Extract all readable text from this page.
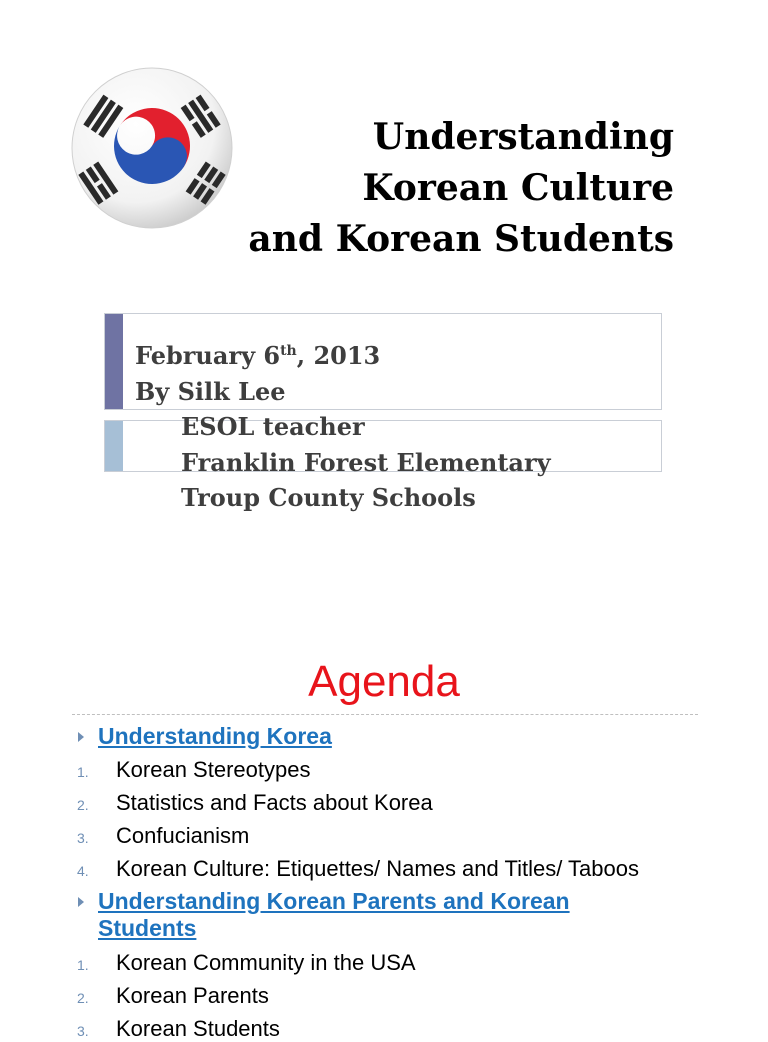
Understanding
Korean Culture
and Korean Students
February 6th, 2013
By Silk Lee
ESOL teacher
Franklin Forest Elementary
Troup County Schools
Agenda
Understanding Korea
1. Korean Stereotypes
2. Statistics and Facts about Korea
3. Confucianism
4. Korean Culture: Etiquettes/ Names and Titles/ Taboos
Understanding Korean Parents and Korean
Students
1. Korean Community in the USA
2. Korean Parents
3. Korean Students
